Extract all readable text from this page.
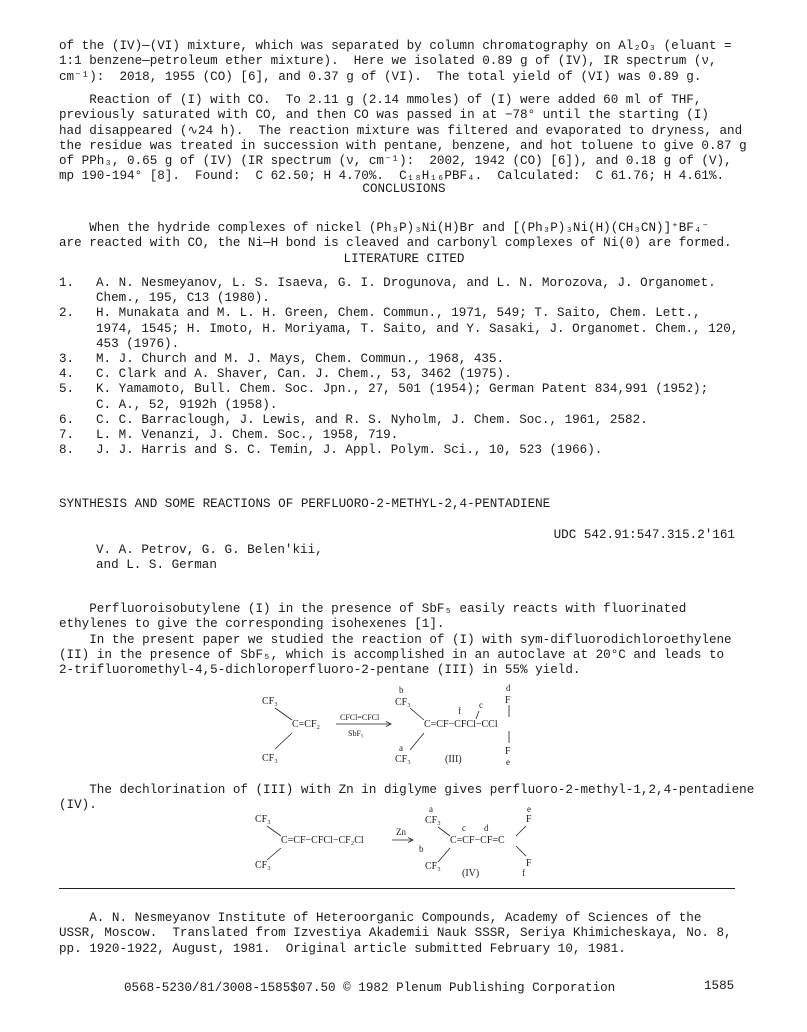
of the (IV)—(VI) mixture, which was separated by column chromatography on Al₂O₃ (eluant =
1:1 benzene—petroleum ether mixture).  Here we isolated 0.89 g of (IV), IR spectrum (ν,
cm⁻¹):  2018, 1955 (CO) [6], and 0.37 g of (VI).  The total yield of (VI) was 0.89 g.

Reaction of (I) with CO.  To 2.11 g (2.14 mmoles) of (I) were added 60 ml of THF,
previously saturated with CO, and then CO was passed in at −78° until the starting (I)
had disappeared (∿24 h).  The reaction mixture was filtered and evaporated to dryness, and
the residue was treated in succession with pentane, benzene, and hot toluene to give 0.87 g
of PPh₃, 0.65 g of (IV) (IR spectrum (ν, cm⁻¹):  2002, 1942 (CO) [6]), and 0.18 g of (V),
mp 190-194° [8].  Found:  C 62.50; H 4.70%.  C₁₈H₁₆PBF₄.  Calculated:  C 61.76; H 4.61%.
CONCLUSIONS

When the hydride complexes of nickel (Ph₃P)₃Ni(H)Br and [(Ph₃P)₃Ni(H)(CH₃CN)]⁺BF₄⁻
are reacted with CO, the Ni—H bond is cleaved and carbonyl complexes of Ni(0) are formed.
LITERATURE CITED
1. A. N. Nesmeyanov, L. S. Isaeva, G. I. Drogunova, and L. N. Morozova, J. Organomet.
Chem., 195, C13 (1980).
2. H. Munakata and M. L. H. Green, Chem. Commun., 1971, 549; T. Saito, Chem. Lett.,
1974, 1545; H. Imoto, H. Moriyama, T. Saito, and Y. Sasaki, J. Organomet. Chem., 120,
453 (1976).
3. M. J. Church and M. J. Mays, Chem. Commun., 1968, 435.
4. C. Clark and A. Shaver, Can. J. Chem., 53, 3462 (1975).
5. K. Yamamoto, Bull. Chem. Soc. Jpn., 27, 501 (1954); German Patent 834,991 (1952);
C. A., 52, 9192h (1958).
6. C. C. Barraclough, J. Lewis, and R. S. Nyholm, J. Chem. Soc., 1961, 2582.
7. L. M. Venanzi, J. Chem. Soc., 1958, 719.
8. J. J. Harris and S. C. Temin, J. Appl. Polym. Sci., 10, 523 (1966).
SYNTHESIS AND SOME REACTIONS OF PERFLUORO-2-METHYL-2,4-PENTADIENE

V. A. Petrov, G. G. Belen'kii,
and L. S. German
UDC 542.91:547.315.2'161

Perfluoroisobutylene (I) in the presence of SbF₅ easily reacts with fluorinated
ethylenes to give the corresponding isohexenes [1].
In the present paper we studied the reaction of (I) with sym-difluorodichloroethylene
(II) in the presence of SbF₅, which is accomplished in an autoclave at 20°C and leads to
2-trifluoromethyl-4,5-dichloroperfluoro-2-pentane (III) in 55% yield.
CF₃
C=CF₂
CF₃
CFCl=CFCl
SbF₅
b
CF₃
C=CF−CFCl−CCl
a
CF₃
f
c
d
F
F
e
(III)

The dechlorination of (III) with Zn in diglyme gives perfluoro-2-methyl-1,2,4-pentadiene
(IV).
CF₃
C=CF−CFCl−CF₂Cl
CF₃
Zn
a
CF₃
b
c d
C=CF−CF=C
CF₃
e
F
F
f
(IV)

A. N. Nesmeyanov Institute of Heteroorganic Compounds, Academy of Sciences of the
USSR, Moscow.  Translated from Izvestiya Akademii Nauk SSSR, Seriya Khimicheskaya, No. 8,
pp. 1920-1922, August, 1981.  Original article submitted February 10, 1981.
0568-5230/81/3008-1585$07.50 © 1982 Plenum Publishing Corporation	1585
